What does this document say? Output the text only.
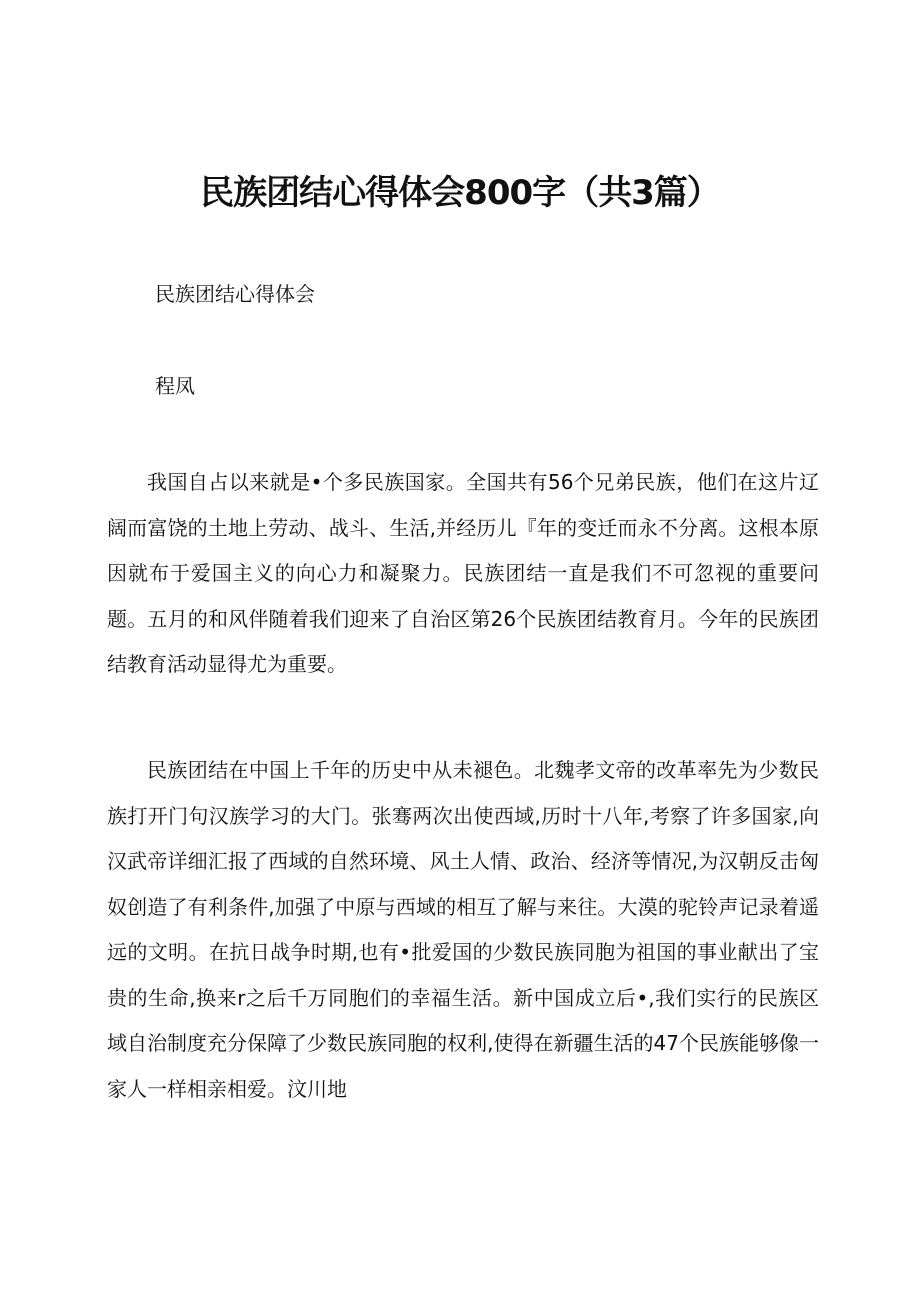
民族团结心得体会800字（共3篇）

民族团结心得体会

程凤

我国自占以来就是•个多民族国家。全国共有56个兄弟民族，他们在这片辽阔而富饶的土地上劳动、战斗、生活,并经历儿『年的变迁而永不分离。这根本原因就布于爱国主义的向心力和凝聚力。民族团结一直是我们不可忽视的重要问题。五月的和风伴随着我们迎来了自治区第26个民族团结教育月。今年的民族团结教育活动显得尤为重要。

民族团结在中国上千年的历史中从未褪色。北魏孝文帝的改革率先为少数民族打开门句汉族学习的大门。张骞两次出使西域,历时十八年,考察了许多国家,向汉武帝详细汇报了西域的自然环境、风土人情、政治、经济等情况,为汉朝反击匈奴创造了有利条件,加强了中原与西域的相互了解与来往。大漠的驼铃声记录着遥远的文明。在抗日战争时期,也有•批爱国的少数民族同胞为祖国的事业献出了宝贵的生命,换来r之后千万同胞们的幸福生活。新中国成立后•,我们实行的民族区域自治制度充分保障了少数民族同胞的权利,使得在新疆生活的47个民族能够像一家人一样相亲相爱。汶川地
